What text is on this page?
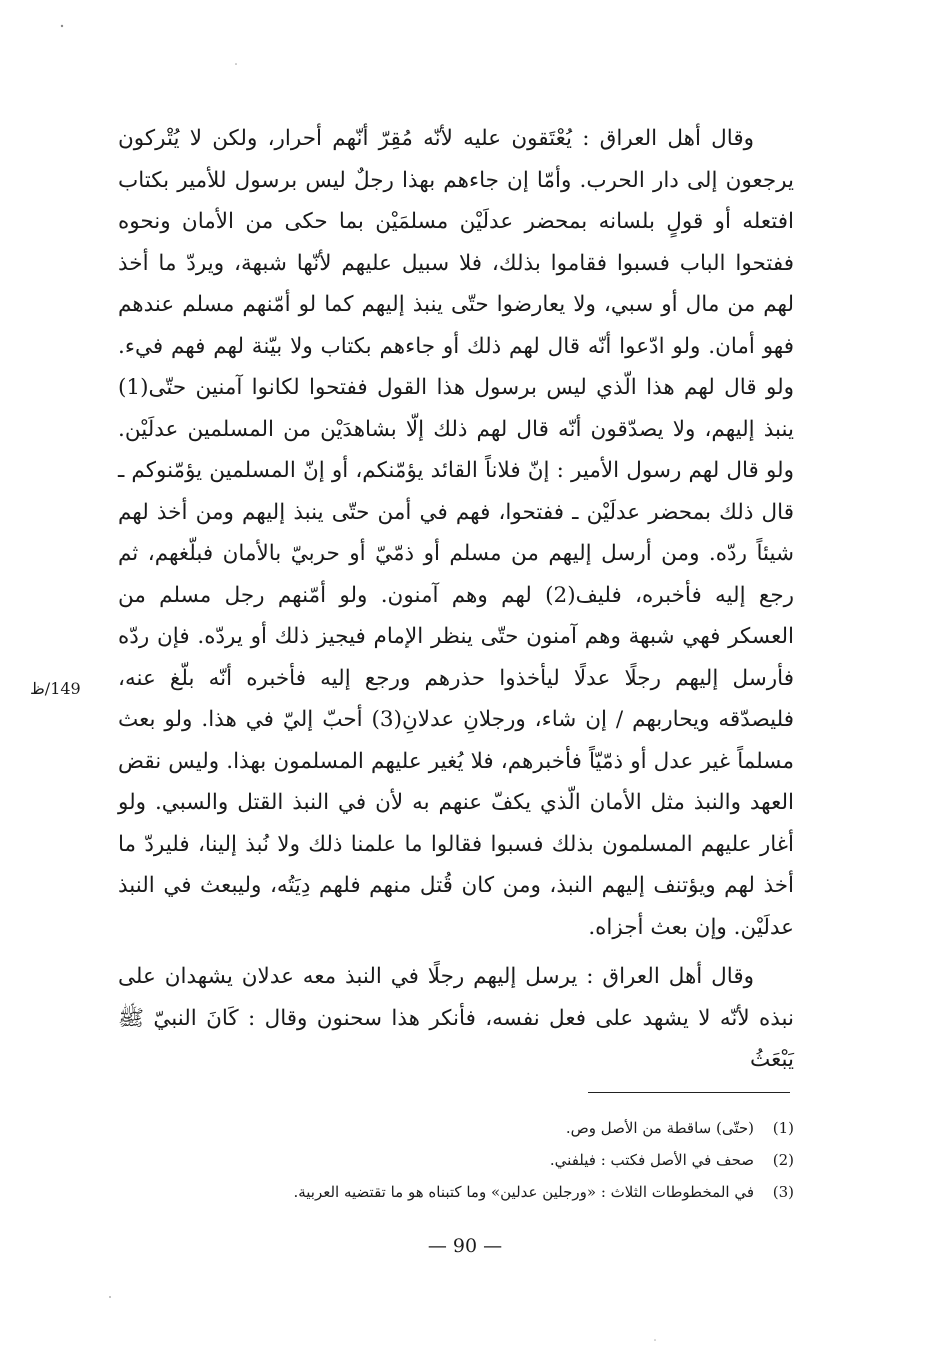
وقال أهل العراق : يُعْتَقون عليه لأنّه مُقِرّ أنّهم أحرار، ولكن لا يُتْركون يرجعون إلى دار الحرب. وأمّا إن جاءهم بهذا رجلٌ ليس برسول للأمير بكتاب افتعله أو قولٍ بلسانه بمحضر عدلَيْن مسلمَيْن بما حكى من الأمان ونحوه ففتحوا الباب فسبوا فقاموا بذلك، فلا سبيل عليهم لأنّها شبهة، ويردّ ما أخذ لهم من مال أو سبي، ولا يعارضوا حتّى ينبذ إليهم كما لو أمّنهم مسلم عندهم فهو أمان. ولو ادّعوا أنّه قال لهم ذلك أو جاءهم بكتاب ولا بيّنة لهم فهم فيء. ولو قال لهم هذا الّذي ليس برسول هذا القول ففتحوا لكانوا آمنين حتّى(1) ينبذ إليهم، ولا يصدّقون أنّه قال لهم ذلك إلّا بشاهدَيْن من المسلمين عدلَيْن. ولو قال لهم رسول الأمير : إنّ فلاناً القائد يؤمّنكم، أو إنّ المسلمين يؤمّنوكم ـ قال ذلك بمحضر عدلَيْن ـ ففتحوا، فهم في أمن حتّى ينبذ إليهم ومن أخذ لهم شيئاً ردّه. ومن أرسل إليهم من مسلم أو ذمّيّ أو حربيّ بالأمان فبلّغهم، ثم رجع إليه فأخبره، فليف(2) لهم وهم آمنون. ولو أمّنهم رجل مسلم من العسكر فهي شبهة وهم آمنون حتّى ينظر الإمام فيجيز ذلك أو يردّه. فإن ردّه فأرسل إليهم رجلًا عدلًا ليأخذوا حذرهم ورجع إليه فأخبره أنّه بلّغ عنه، فليصدّقه ويحاربهم / إن شاء، ورجلانِ عدلانِ(3) أحبّ إليّ في هذا. ولو بعث مسلماً غير عدل أو ذمّيّاً فأخبرهم، فلا يُغير عليهم المسلمون بهذا. وليس نقض العهد والنبذ مثل الأمان الّذي يكفّ عنهم به لأن في النبذ القتل والسبي. ولو أغار عليهم المسلمون بذلك فسبوا فقالوا ما علمنا ذلك ولا نُبذ إلينا، فليردّ ما أخذ لهم ويؤتنف إليهم النبذ، ومن كان قُتل منهم فلهم دِيَتُه، وليبعث في النبذ عدلَيْن. وإن بعث أجزاه.

وقال أهل العراق : يرسل إليهم رجلًا في النبذ معه عدلان يشهدان على نبذه لأنّه لا يشهد على فعل نفسه، فأنكر هذا سحنون وقال : كَانَ النبيّ ﷺ يَبْعَثُ

149/ظ
(1)
(حتّى) ساقطة من الأصل وص.
(2)
صحف في الأصل فكتب : فيلفني.
(3)
في المخطوطات الثلاث : «ورجلين عدلين» وما كتبناه هو ما تقتضيه العربية.
— 90 —
